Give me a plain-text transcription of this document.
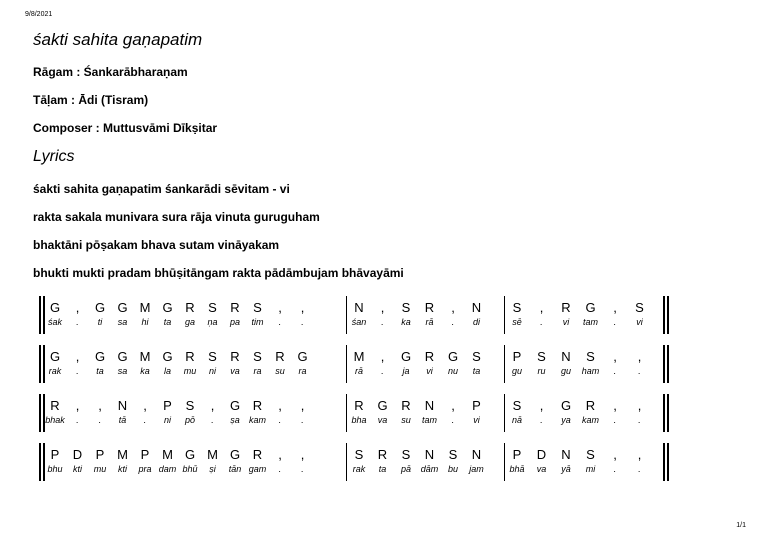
9/8/2021
1/1
śakti sahita gaṇapatim
Rāgam : Śankarābharaṇam
Tāḷam : Ādi (Tisram)
Composer : Muttusvāmi Dīkṣitar
Lyrics
śakti sahita gaṇapatim śankarādi sēvitam - vi
rakta sakala munivara sura rāja vinuta guruguham
bhaktāni pōṣakam bhava sutam vināyakam
bhukti mukti pradam bhūṣitāngam rakta pādāmbujam bhāvayāmi
G
śak
,
.
G
ti
G
sa
M
hi
G
ta
R
ga
S
ṇa
R
pa
S
tim
,
.
,
.
N
śan
,
.
S
ka
R
rā
,
.
N
di
S
sē
,
.
R
vi
G
tam
,
.
S
vi
G
rak
,
.
G
ta
G
sa
M
ka
G
la
R
mu
S
ni
R
va
S
ra
R
su
G
ra
M
rā
,
.
G
ja
R
vi
G
nu
S
ta
P
gu
S
ru
N
gu
S
ham
,
.
,
.
R
bhak
,
.
,
.
N
tā
,
.
P
ni
S
pō
,
.
G
ṣa
R
kam
,
.
,
.
R
bha
G
va
R
su
N
tam
,
.
P
vi
S
nā
,
.
G
ya
R
kam
,
.
,
.
P
bhu
D
kti
P
mu
M
kti
P
pra
M
dam
G
bhū
M
ṣi
G
tān
R
gam
,
.
,
.
S
rak
R
ta
S
pā
N
dām
S
bu
N
jam
P
bhā
D
va
N
yā
S
mi
,
.
,
.
